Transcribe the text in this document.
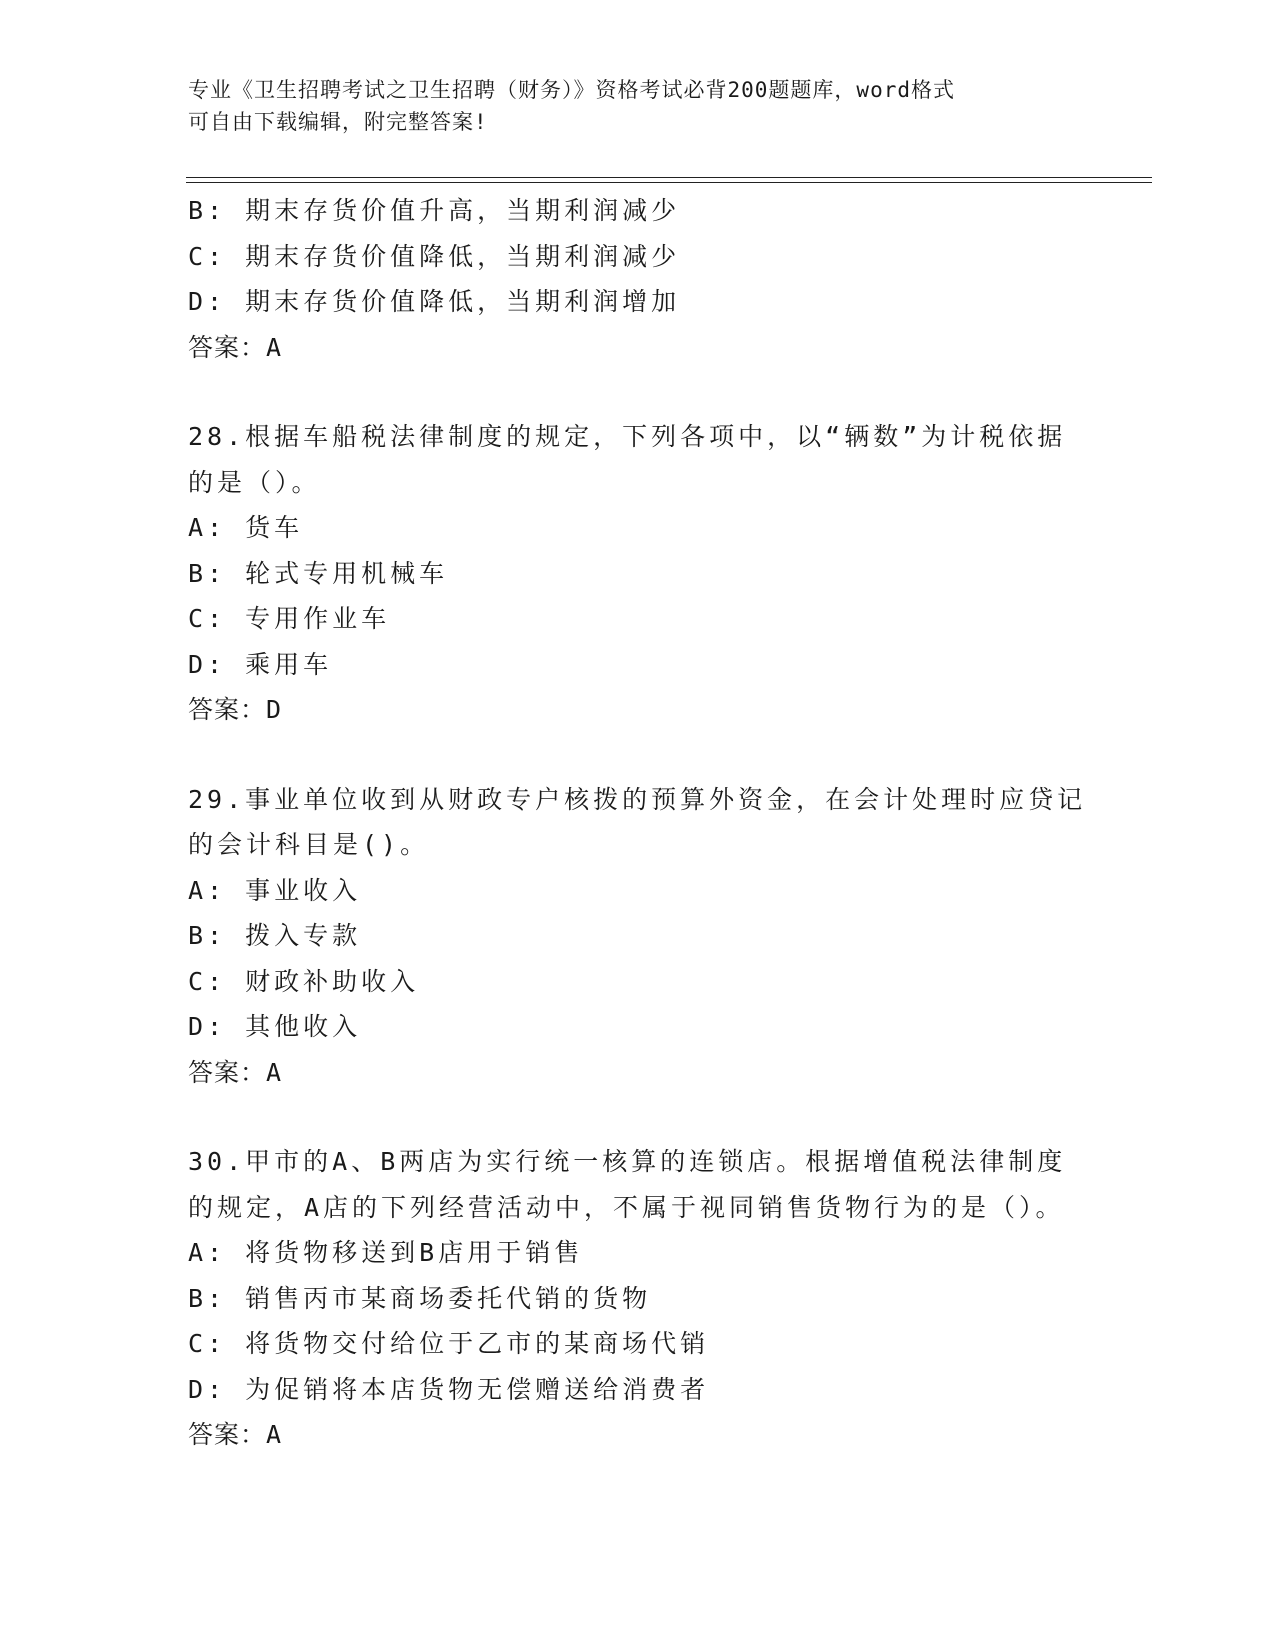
专业《卫生招聘考试之卫生招聘（财务）》资格考试必背200题题库，word格式
可自由下载编辑，附完整答案!
B: 期末存货价值升高，当期利润减少
C: 期末存货价值降低，当期利润减少
D: 期末存货价值降低，当期利润增加
答案：A
28.根据车船税法律制度的规定，下列各项中，以“辆数”为计税依据
的是（）。
A: 货车
B: 轮式专用机械车
C: 专用作业车
D: 乘用车
答案：D
29.事业单位收到从财政专户核拨的预算外资金，在会计处理时应贷记
的会计科目是()。
A: 事业收入
B: 拨入专款
C: 财政补助收入
D: 其他收入
答案：A
30.甲市的A、B两店为实行统一核算的连锁店。根据增值税法律制度
的规定，A店的下列经营活动中，不属于视同销售货物行为的是（）。
A: 将货物移送到B店用于销售
B: 销售丙市某商场委托代销的货物
C: 将货物交付给位于乙市的某商场代销
D: 为促销将本店货物无偿赠送给消费者
答案：A
